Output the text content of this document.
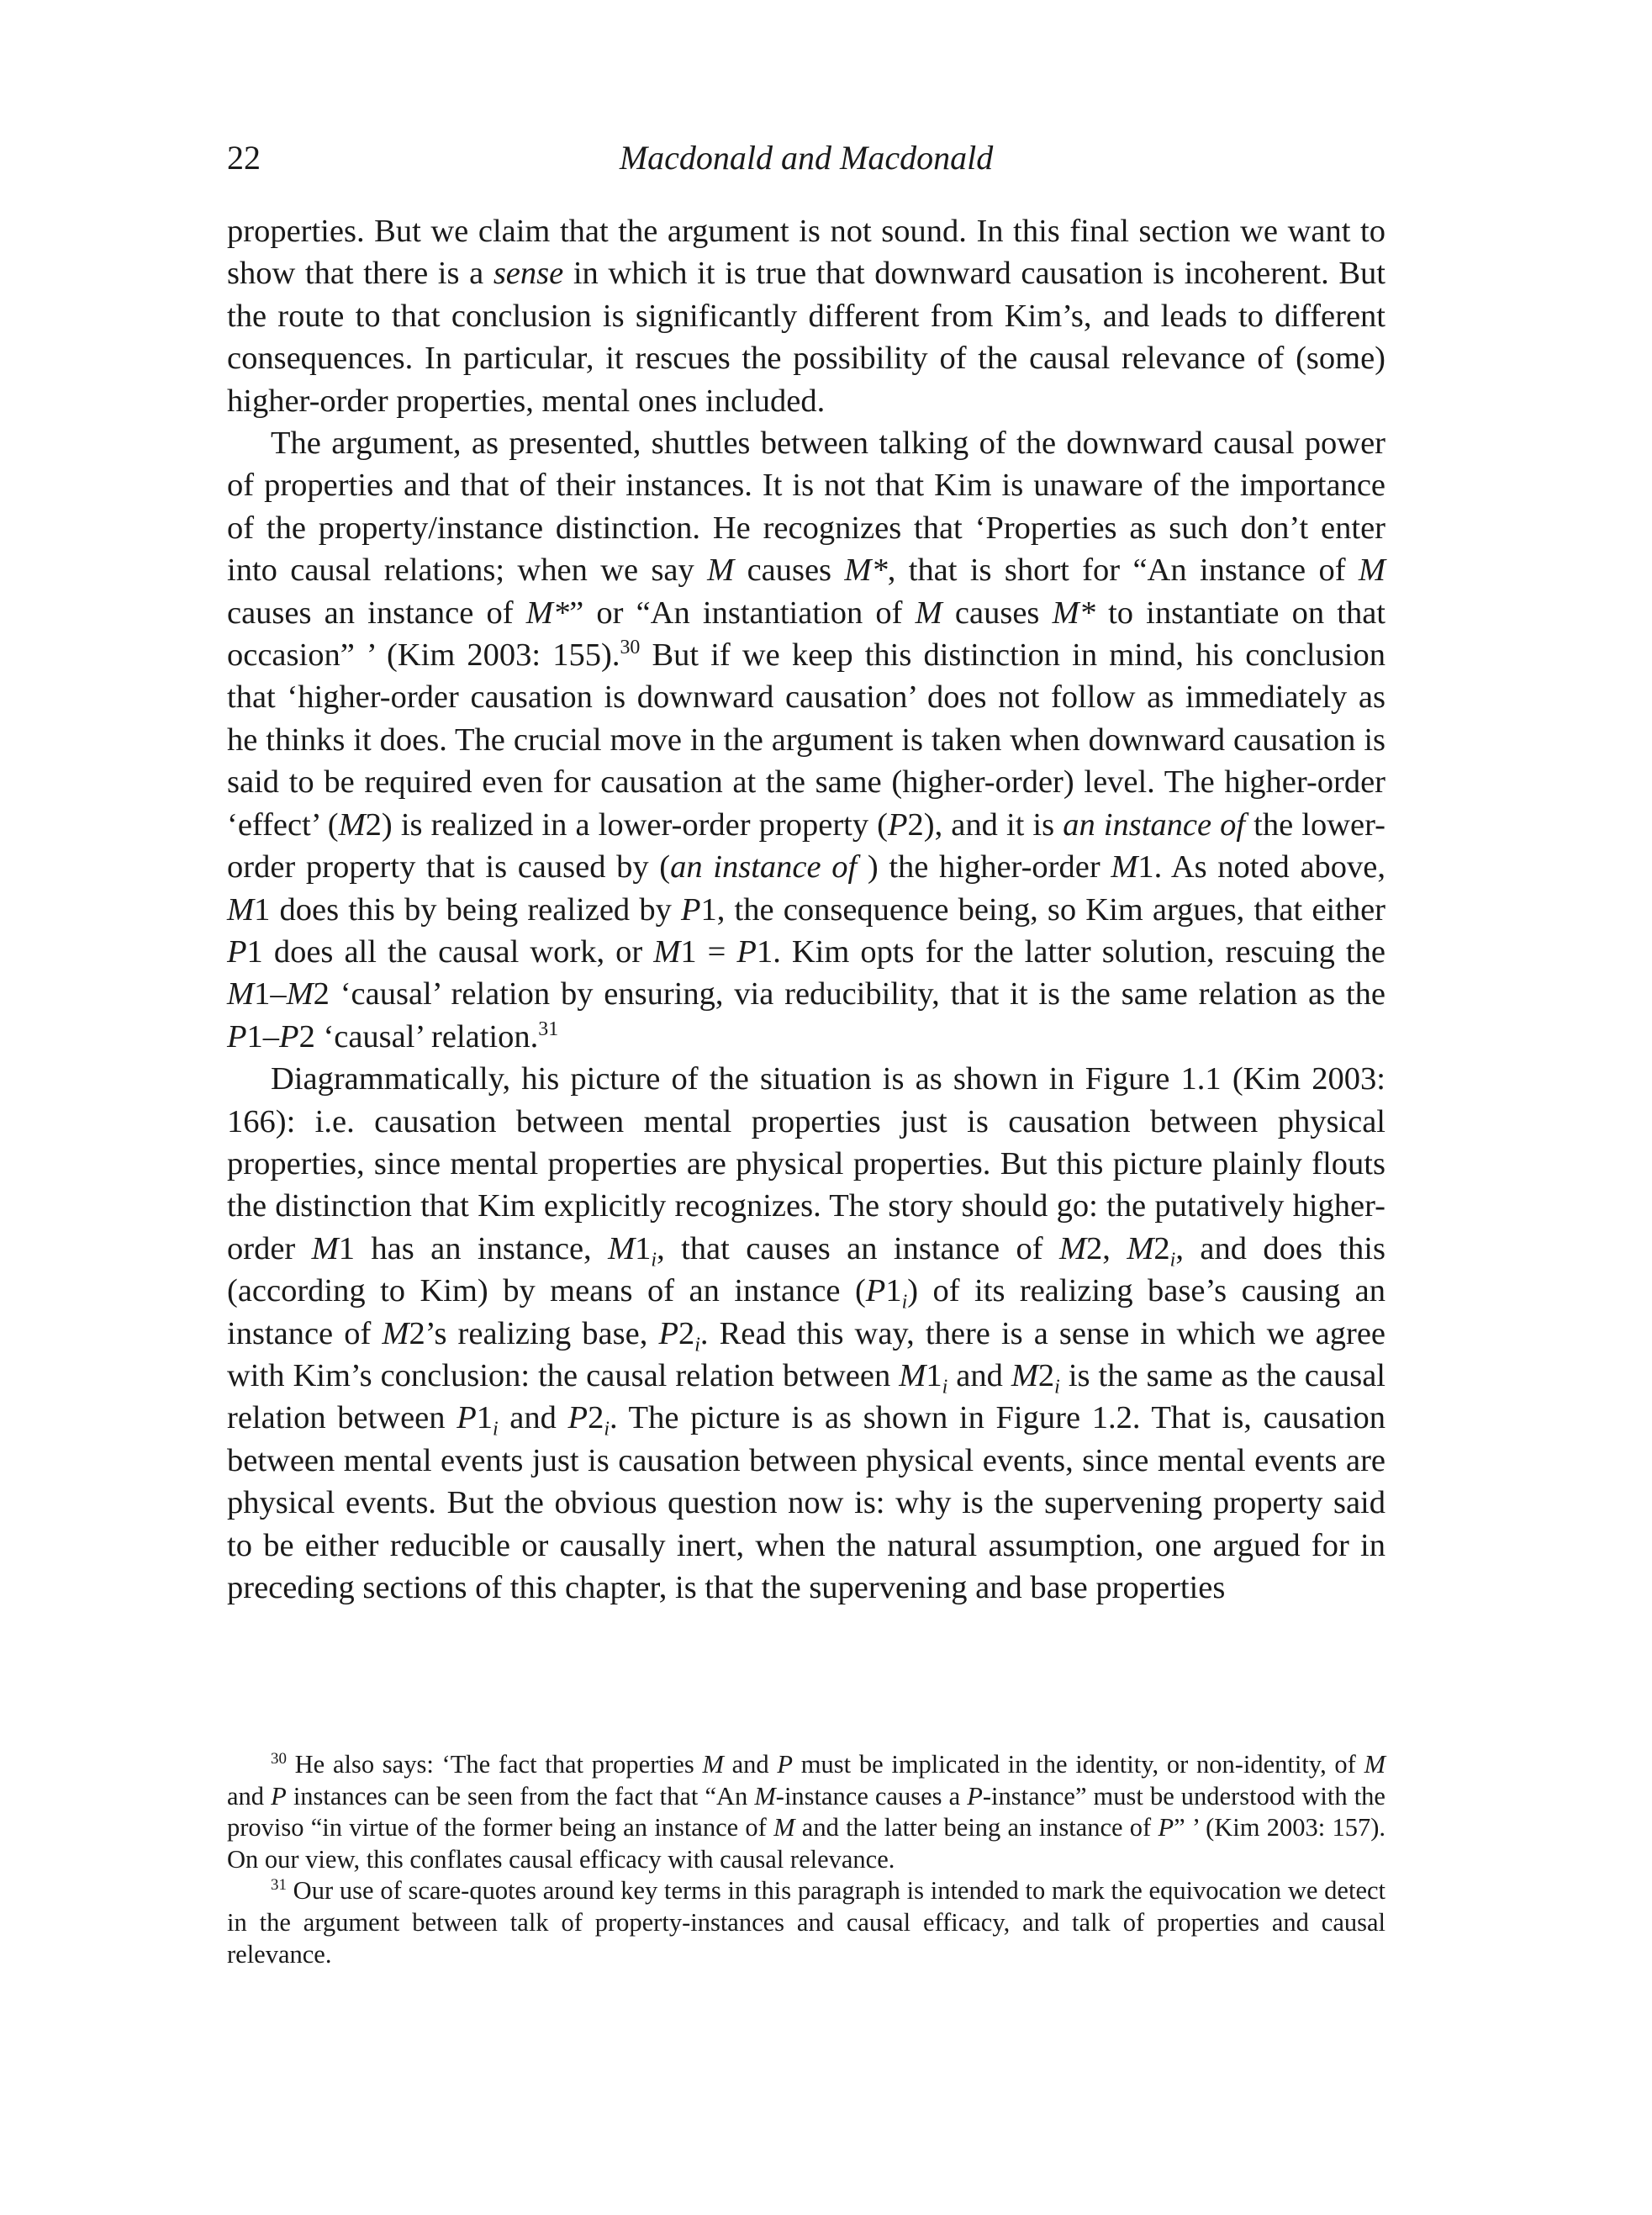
22	Macdonald and Macdonald

properties. But we claim that the argument is not sound. In this final section we want to show that there is a sense in which it is true that downward causation is incoherent. But the route to that conclusion is significantly different from Kim’s, and leads to different consequences. In particular, it rescues the possibility of the causal relevance of (some) higher-order properties, mental ones included.

The argument, as presented, shuttles between talking of the downward causal power of properties and that of their instances. It is not that Kim is unaware of the importance of the property/instance distinction. He recognizes that ‘Properties as such don’t enter into causal relations; when we say M causes M*, that is short for “An instance of M causes an instance of M*” or “An instantiation of M causes M* to instantiate on that occasion” ’ (Kim 2003: 155).$^{30}$ But if we keep this distinction in mind, his conclusion that ‘higher-order causation is downward causation’ does not follow as immediately as he thinks it does. The crucial move in the argument is taken when downward causation is said to be required even for causation at the same (higher-order) level. The higher-order ‘effect’ (M2) is realized in a lower-order property (P2), and it is an instance of the lower-order property that is caused by (an instance of ) the higher-order M1. As noted above, M1 does this by being realized by P1, the consequence being, so Kim argues, that either P1 does all the causal work, or M1 = P1. Kim opts for the latter solution, rescuing the M1–M2 ‘causal’ relation by ensuring, via reducibility, that it is the same relation as the P1–P2 ‘causal’ relation.$^{31}$

Diagrammatically, his picture of the situation is as shown in Figure 1.1 (Kim 2003: 166): i.e. causation between mental properties just is causation between physical properties, since mental properties are physical properties. But this picture plainly flouts the distinction that Kim explicitly recognizes. The story should go: the putatively higher-order M1 has an instance, $M1_i$, that causes an instance of M2, $M2_i$, and does this (according to Kim) by means of an instance $(P1_i)$ of its realizing base’s causing an instance of M2’s realizing base, $P2_i$. Read this way, there is a sense in which we agree with Kim’s conclusion: the causal relation between $M1_i$ and $M2_i$ is the same as the causal relation between $P1_i$ and $P2_i$. The picture is as shown in Figure 1.2. That is, causation between mental events just is causation between physical events, since mental events are physical events. But the obvious question now is: why is the supervening property said to be either reducible or causally inert, when the natural assumption, one argued for in preceding sections of this chapter, is that the supervening and base properties

$^{30}$ He also says: ‘The fact that properties M and P must be implicated in the identity, or non-identity, of M and P instances can be seen from the fact that “An M-instance causes a P-instance” must be understood with the proviso “in virtue of the former being an instance of M and the latter being an instance of P” ’ (Kim 2003: 157). On our view, this conflates causal efficacy with causal relevance.

$^{31}$ Our use of scare-quotes around key terms in this paragraph is intended to mark the equivocation we detect in the argument between talk of property-instances and causal efficacy, and talk of properties and causal relevance.
